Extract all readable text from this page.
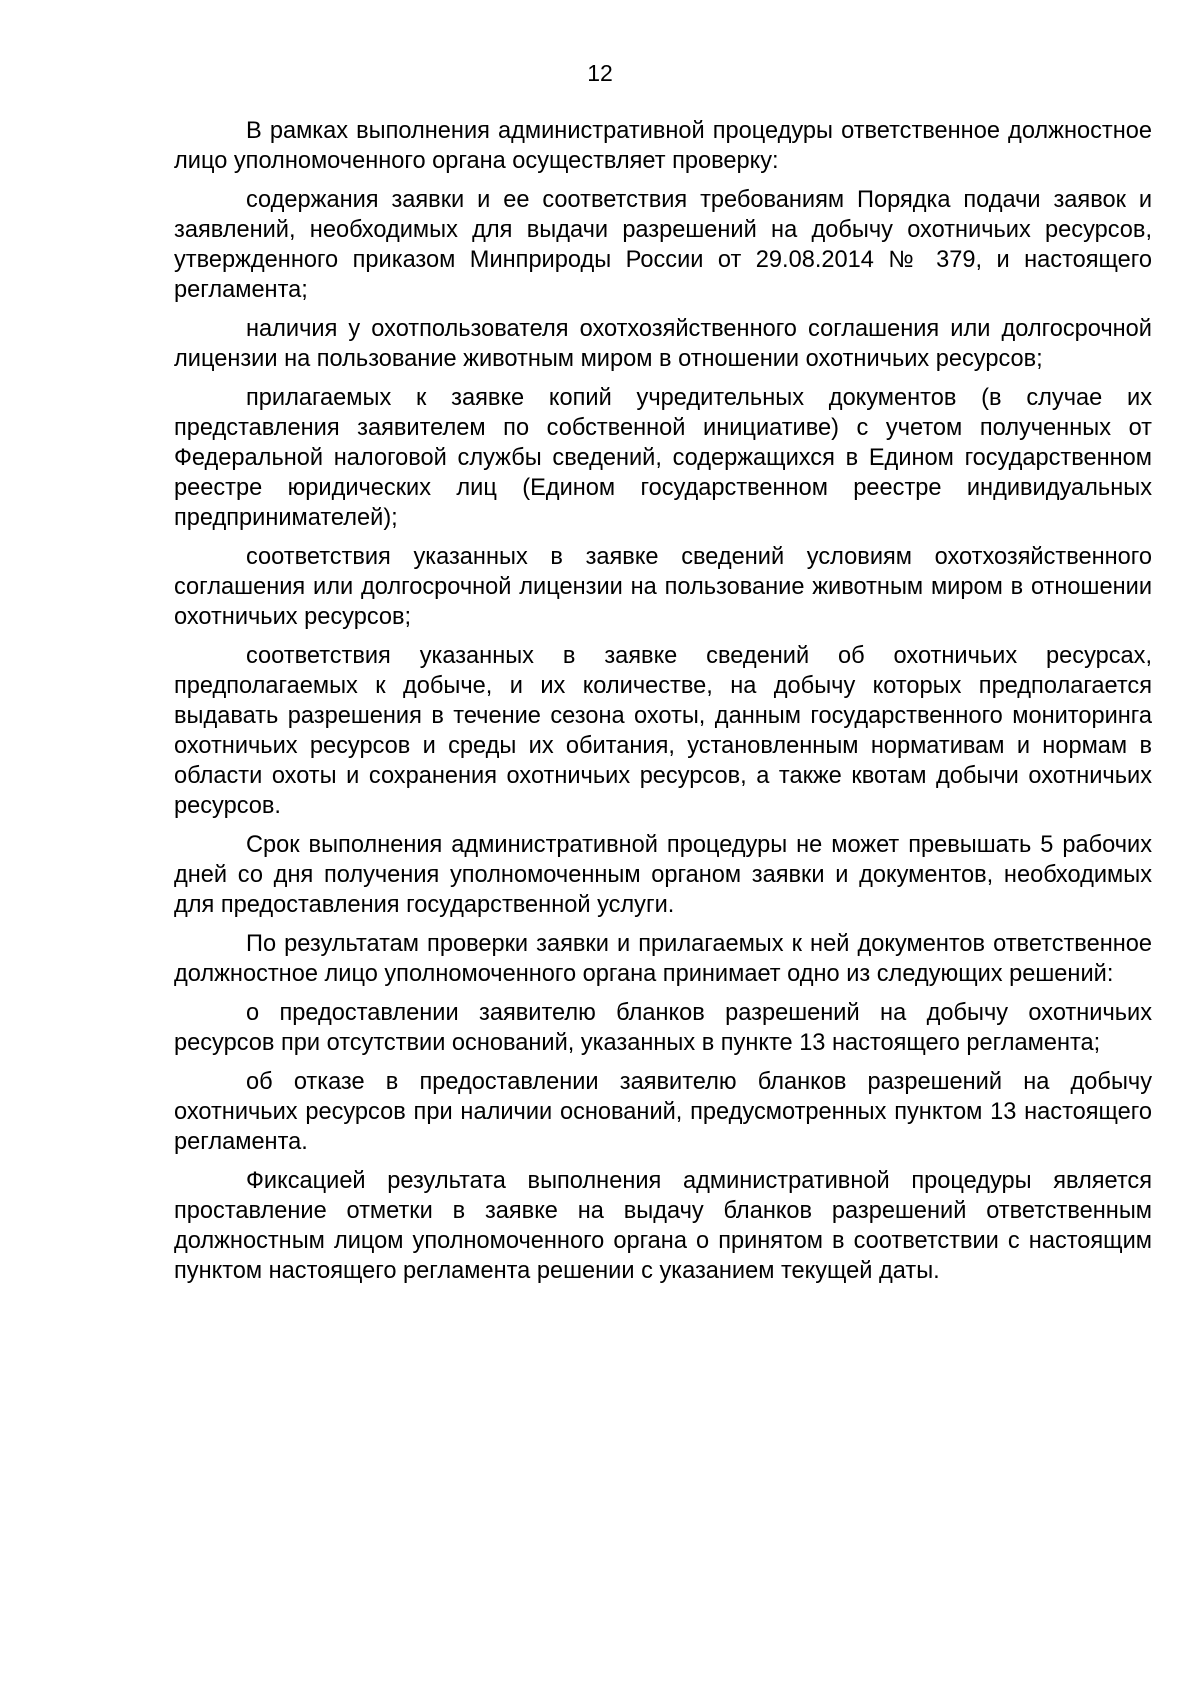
12

В рамках выполнения административной процедуры ответственное должностное лицо уполномоченного органа осуществляет проверку:

содержания заявки и ее соответствия требованиям Порядка подачи заявок и заявлений, необходимых для выдачи разрешений на добычу охотничьих ресурсов, утвержденного приказом Минприроды России от 29.08.2014 № 379, и настоящего регламента;

наличия у охотпользователя охотхозяйственного соглашения или долгосрочной лицензии на пользование животным миром в отношении охотничьих ресурсов;

прилагаемых к заявке копий учредительных документов (в случае их представления заявителем по собственной инициативе) с учетом полученных от Федеральной налоговой службы сведений, содержащихся в Едином государственном реестре юридических лиц (Едином государственном реестре индивидуальных предпринимателей);

соответствия указанных в заявке сведений условиям охотхозяйственного соглашения или долгосрочной лицензии на пользование животным миром в отношении охотничьих ресурсов;

соответствия указанных в заявке сведений об охотничьих ресурсах, предполагаемых к добыче, и их количестве, на добычу которых предполагается выдавать разрешения в течение сезона охоты, данным государственного мониторинга охотничьих ресурсов и среды их обитания, установленным нормативам и нормам в области охоты и сохранения охотничьих ресурсов, а также квотам добычи охотничьих ресурсов.

Срок выполнения административной процедуры не может превышать 5 рабочих дней со дня получения уполномоченным органом заявки и документов, необходимых для предоставления государственной услуги.

По результатам проверки заявки и прилагаемых к ней документов ответственное должностное лицо уполномоченного органа принимает одно из следующих решений:

о предоставлении заявителю бланков разрешений на добычу охотничьих ресурсов при отсутствии оснований, указанных в пункте 13 настоящего регламента;

об отказе в предоставлении заявителю бланков разрешений на добычу охотничьих ресурсов при наличии оснований, предусмотренных пунктом 13 настоящего регламента.

Фиксацией результата выполнения административной процедуры является проставление отметки в заявке на выдачу бланков разрешений ответственным должностным лицом уполномоченного органа о принятом в соответствии с настоящим пунктом настоящего регламента решении с указанием текущей даты.
